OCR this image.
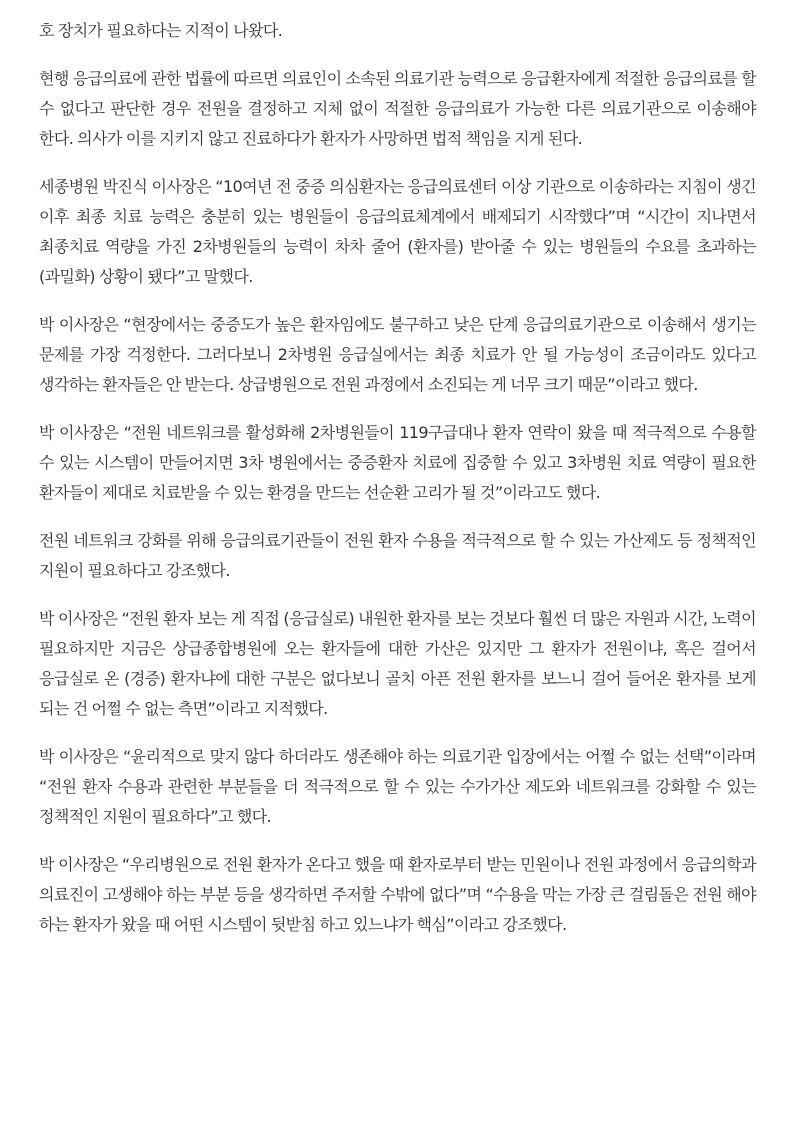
호 장치가 필요하다는 지적이 나왔다.

현행 응급의료에 관한 법률에 따르면 의료인이 소속된 의료기관 능력으로 응급환자에게 적절한 응급의료를 할 수 없다고 판단한 경우 전원을 결정하고 지체 없이 적절한 응급의료가 가능한 다른 의료기관으로 이송해야 한다. 의사가 이를 지키지 않고 진료하다가 환자가 사망하면 법적 책임을 지게 된다.

세종병원 박진식 이사장은 “10여년 전 중증 의심환자는 응급의료센터 이상 기관으로 이송하라는 지침이 생긴 이후 최종 치료 능력은 충분히 있는 병원들이 응급의료체계에서 배제되기 시작했다”며 “시간이 지나면서 최종치료 역량을 가진 2차병원들의 능력이 차차 줄어 (환자를) 받아줄 수 있는 병원들의 수요를 초과하는 (과밀화) 상황이 됐다”고 말했다.

박 이사장은 “현장에서는 중증도가 높은 환자임에도 불구하고 낮은 단계 응급의료기관으로 이송해서 생기는 문제를 가장 걱정한다. 그러다보니 2차병원 응급실에서는 최종 치료가 안 될 가능성이 조금이라도 있다고 생각하는 환자들은 안 받는다. 상급병원으로 전원 과정에서 소진되는 게 너무 크기 때문”이라고 했다.

박 이사장은 “전원 네트워크를 활성화해 2차병원들이 119구급대나 환자 연락이 왔을 때 적극적으로 수용할 수 있는 시스템이 만들어지면 3차 병원에서는 중증환자 치료에 집중할 수 있고 3차병원 치료 역량이 필요한 환자들이 제대로 치료받을 수 있는 환경을 만드는 선순환 고리가 될 것”이라고도 했다.

전원 네트워크 강화를 위해 응급의료기관들이 전원 환자 수용을 적극적으로 할 수 있는 가산제도 등 정책적인 지원이 필요하다고 강조했다.

박 이사장은 “전원 환자 보는 게 직접 (응급실로) 내원한 환자를 보는 것보다 훨씬 더 많은 자원과 시간, 노력이 필요하지만 지금은 상급종합병원에 오는 환자들에 대한 가산은 있지만 그 환자가 전원이냐, 혹은 걸어서 응급실로 온 (경증) 환자냐에 대한 구분은 없다보니 골치 아픈 전원 환자를 보느니 걸어 들어온 환자를 보게 되는 건 어쩔 수 없는 측면”이라고 지적했다.

박 이사장은 “윤리적으로 맞지 않다 하더라도 생존해야 하는 의료기관 입장에서는 어쩔 수 없는 선택”이라며 “전원 환자 수용과 관련한 부분들을 더 적극적으로 할 수 있는 수가가산 제도와 네트워크를 강화할 수 있는 정책적인 지원이 필요하다”고 했다.

박 이사장은 “우리병원으로 전원 환자가 온다고 했을 때 환자로부터 받는 민원이나 전원 과정에서 응급의학과 의료진이 고생해야 하는 부분 등을 생각하면 주저할 수밖에 없다”며 “수용을 막는 가장 큰 걸림돌은 전원 해야 하는 환자가 왔을 때 어떤 시스템이 뒷받침 하고 있느냐가 핵심”이라고 강조했다.
